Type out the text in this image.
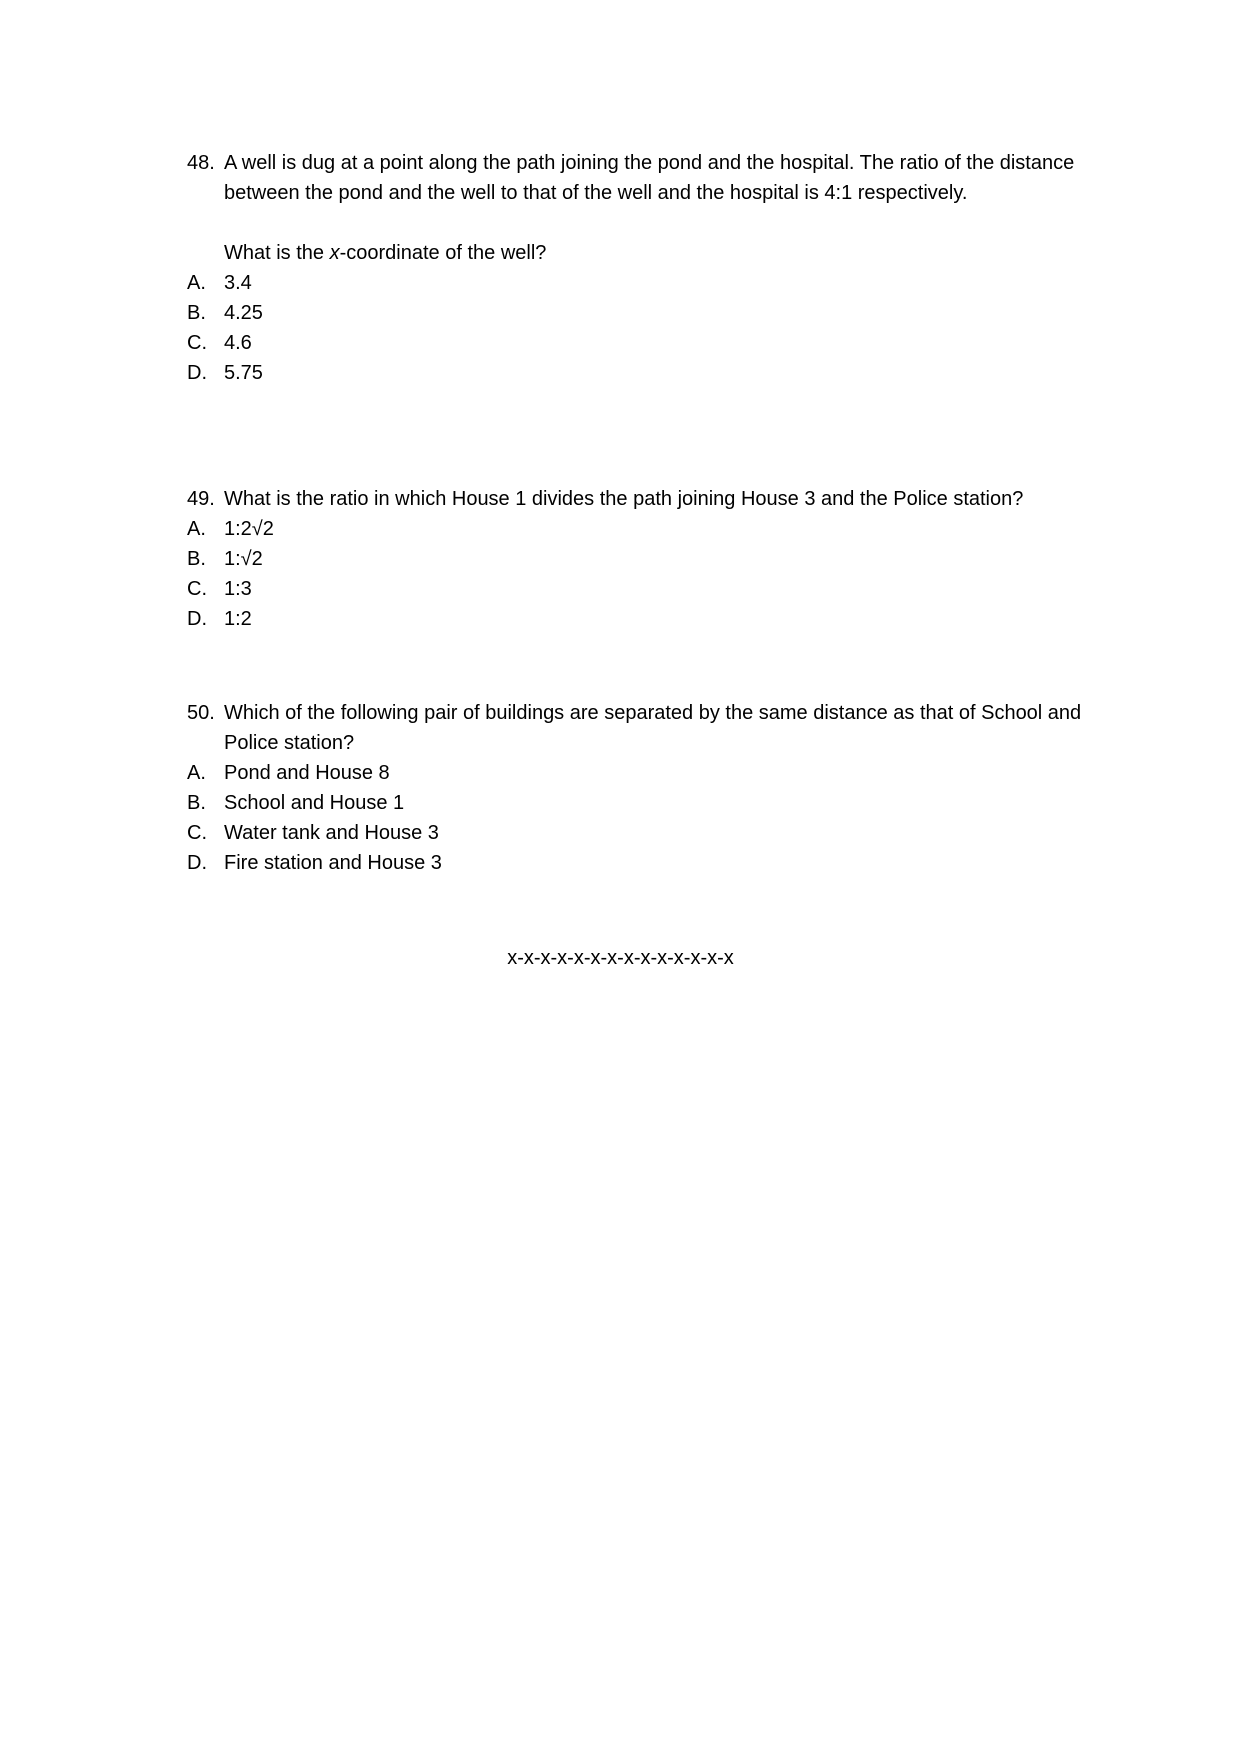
48. A well is dug at a point along the path joining the pond and the hospital. The ratio of the distance between the pond and the well to that of the well and the hospital is 4:1 respectively.
What is the x-coordinate of the well?
A. 3.4
B. 4.25
C. 4.6
D. 5.75
49. What is the ratio in which House 1 divides the path joining House 3 and the Police station?
A. 1:2√2
B. 1:√2
C. 1:3
D. 1:2
50. Which of the following pair of buildings are separated by the same distance as that of School and Police station?
A. Pond and House 8
B. School and House 1
C. Water tank and House 3
D. Fire station and House 3
x-x-x-x-x-x-x-x-x-x-x-x-x-x
